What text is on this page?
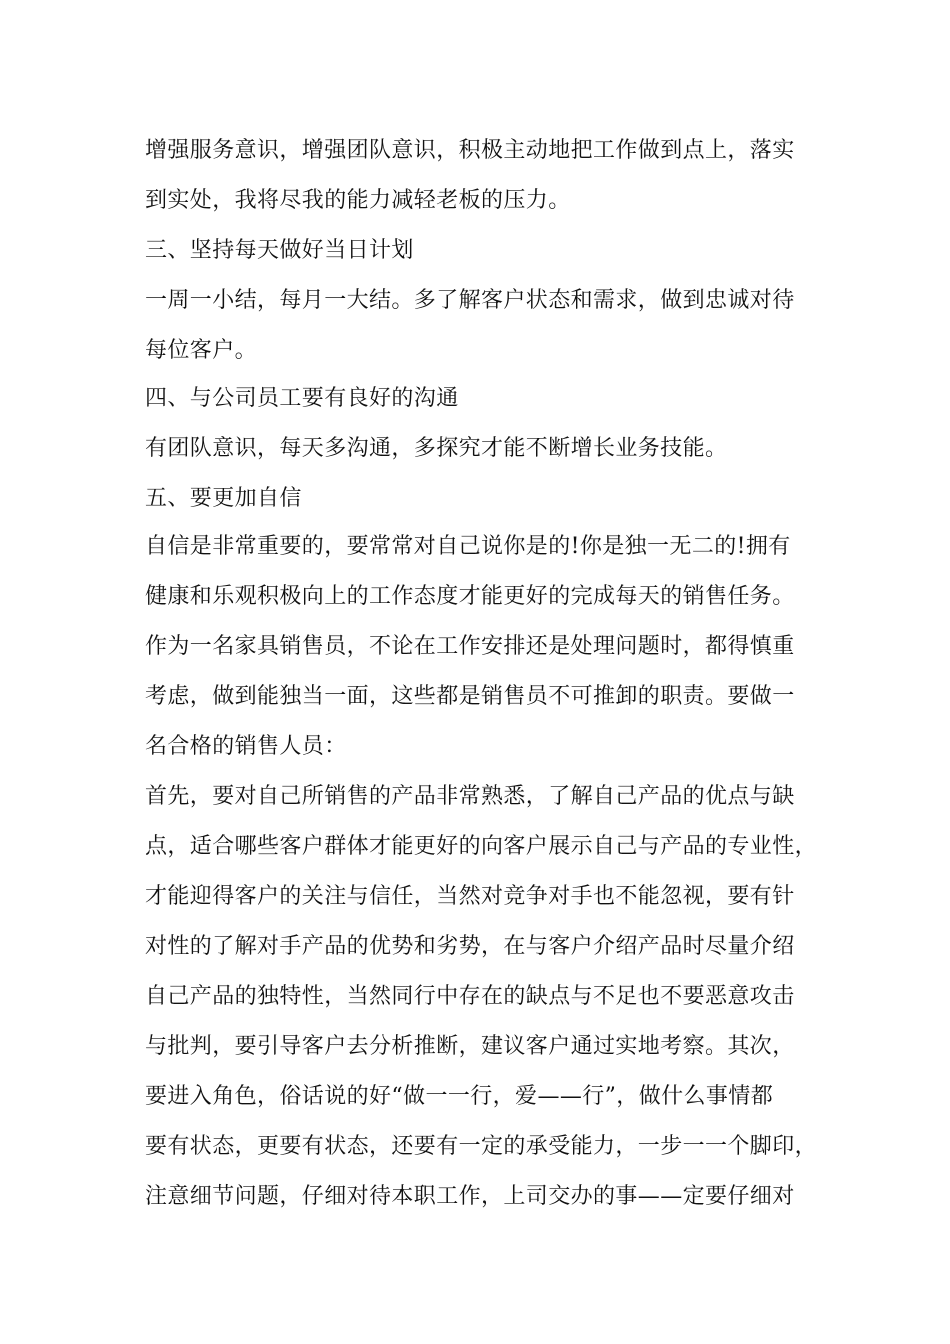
增强服务意识，增强团队意识，积极主动地把工作做到点上，落实
到实处，我将尽我的能力减轻老板的压力。
三、坚持每天做好当日计划
一周一小结，每月一大结。多了解客户状态和需求，做到忠诚对待
每位客户。
四、与公司员工要有良好的沟通
有团队意识，每天多沟通，多探究才能不断增长业务技能。
五、要更加自信
自信是非常重要的，要常常对自己说你是的!你是独一无二的!拥有
健康和乐观积极向上的工作态度才能更好的完成每天的销售任务。
作为一名家具销售员，不论在工作安排还是处理问题时，都得慎重
考虑，做到能独当一面，这些都是销售员不可推卸的职责。要做一
名合格的销售人员：
首先，要对自己所销售的产品非常熟悉，了解自己产品的优点与缺
点，适合哪些客户群体才能更好的向客户展示自己与产品的专业性，
才能迎得客户的关注与信任，当然对竞争对手也不能忽视，要有针
对性的了解对手产品的优势和劣势，在与客户介绍产品时尽量介绍
自己产品的独特性，当然同行中存在的缺点与不足也不要恶意攻击
与批判，要引导客户去分析推断，建议客户通过实地考察。其次，
要进入角色，俗话说的好“做一一行，爱——行”，做什么事情都
要有状态，更要有状态，还要有一定的承受能力，一步一一个脚印，
注意细节问题，仔细对待本职工作，上司交办的事——定要仔细对
